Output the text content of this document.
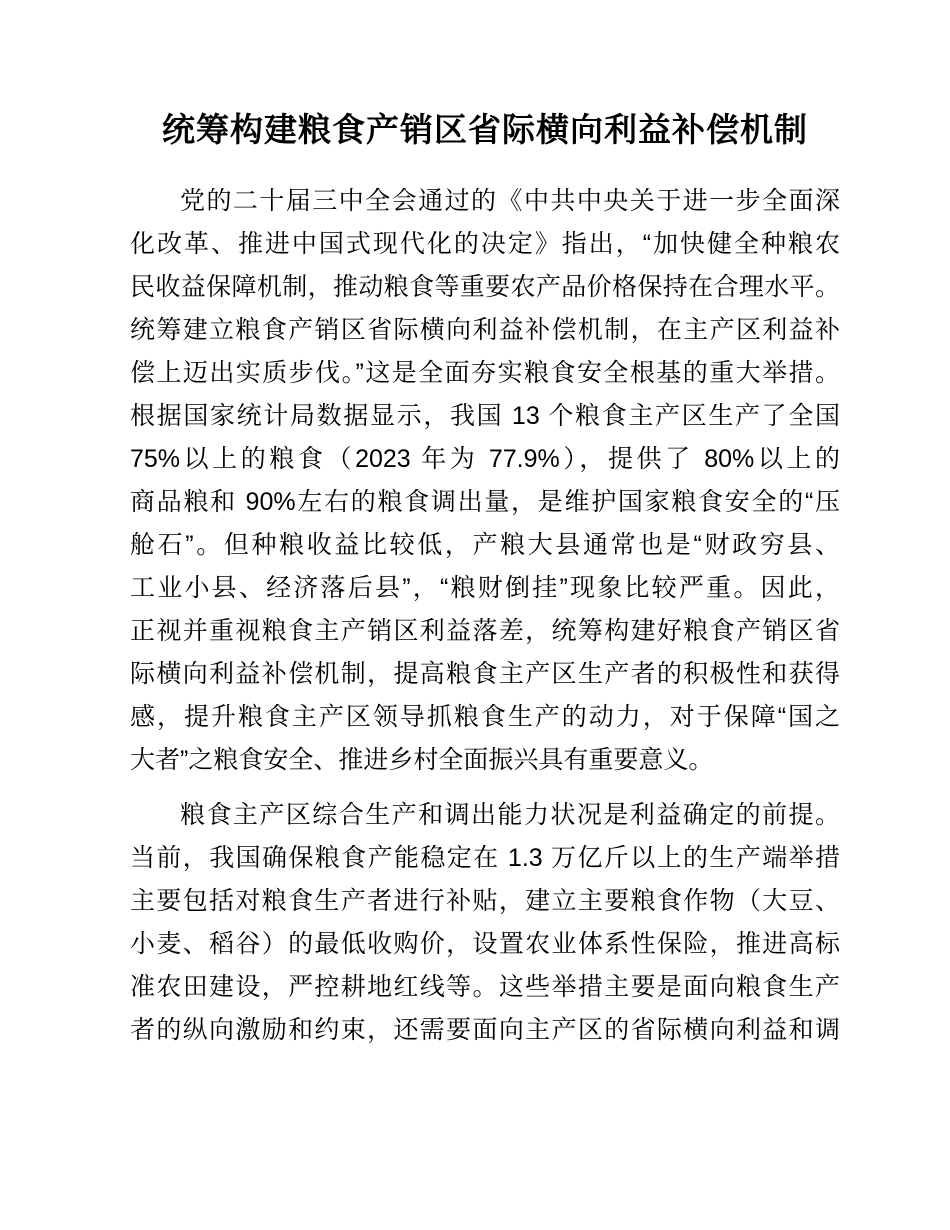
统筹构建粮食产销区省际横向利益补偿机制
党的二十届三中全会通过的《中共中央关于进一步全面深
化改革、推进中国式现代化的决定》指出，“加快健全种粮农
民收益保障机制，推动粮食等重要农产品价格保持在合理水平。
统筹建立粮食产销区省际横向利益补偿机制，在主产区利益补
偿上迈出实质步伐。”这是全面夯实粮食安全根基的重大举措。
根据国家统计局数据显示，我国 13 个粮食主产区生产了全国
75%以上的粮食（2023 年为 77.9%），提供了 80%以上的
商品粮和 90%左右的粮食调出量，是维护国家粮食安全的“压
舱石”。但种粮收益比较低，产粮大县通常也是“财政穷县、
工业小县、经济落后县”，“粮财倒挂”现象比较严重。因此，
正视并重视粮食主产销区利益落差，统筹构建好粮食产销区省
际横向利益补偿机制，提高粮食主产区生产者的积极性和获得
感，提升粮食主产区领导抓粮食生产的动力，对于保障“国之
大者”之粮食安全、推进乡村全面振兴具有重要意义。
粮食主产区综合生产和调出能力状况是利益确定的前提。
当前，我国确保粮食产能稳定在 1.3 万亿斤以上的生产端举措
主要包括对粮食生产者进行补贴，建立主要粮食作物（大豆、
小麦、稻谷）的最低收购价，设置农业体系性保险，推进高标
准农田建设，严控耕地红线等。这些举措主要是面向粮食生产
者的纵向激励和约束，还需要面向主产区的省际横向利益和调
